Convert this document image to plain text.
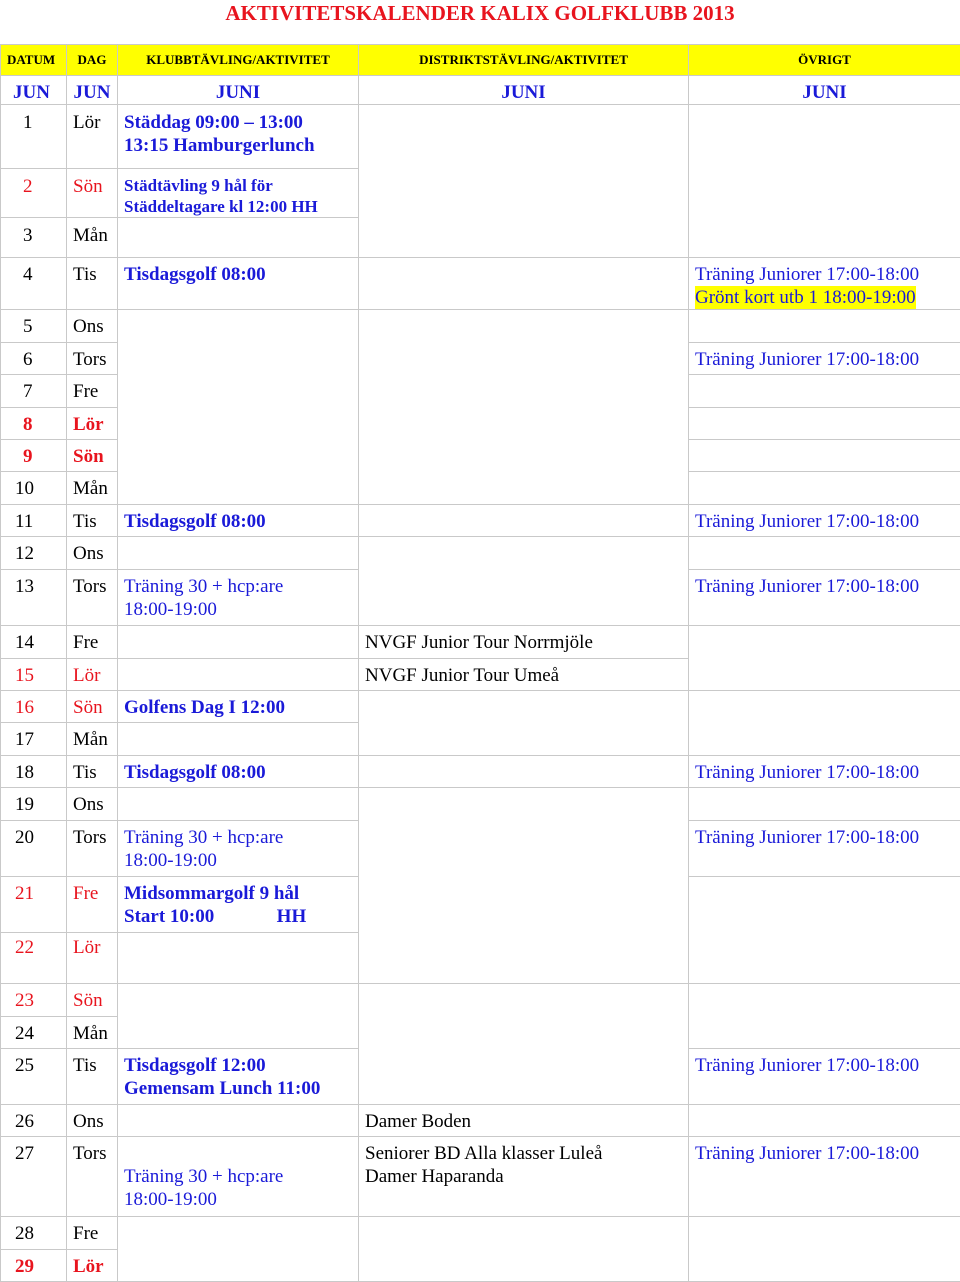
AKTIVITETSKALENDER KALIX GOLFKLUBB 2013
DATUM	DAG	KLUBBTÄVLING/AKTIVITET	DISTRIKTSTÄVLING/AKTIVITET	ÖVRIGT
JUN	JUN	JUNI	JUNI	JUNI
1	Lör	Städdag 09:00 – 13:00
13:15 Hamburgerlunch		

2	Sön	Städtävling 9 hål för
Städdeltagare kl 12:00 HH		

3	Mån			
4	Tis	Tisdagsgolf 08:00		Träning Juniorer 17:00-18:00
Grönt kort utb 1 18:00-19:00
5	Ons			
6	Tors			Träning Juniorer 17:00-18:00
7	Fre			
8	Lör			
9	Sön			
10	Mån			
11	Tis	Tisdagsgolf 08:00		Träning Juniorer 17:00-18:00
12	Ons			
13	Tors	Träning 30 + hcp:are
18:00-19:00		Träning Juniorer 17:00-18:00
14	Fre		NVGF Junior Tour Norrmjöle	
15	Lör		NVGF Junior Tour Umeå	
16	Sön	Golfens Dag I 12:00		
17	Mån			
18	Tis	Tisdagsgolf 08:00		Träning Juniorer 17:00-18:00
19	Ons			
20	Tors	Träning 30 + hcp:are
18:00-19:00		Träning Juniorer 17:00-18:00
21	Fre	Midsommargolf 9 hål
Start 10:00 HH		

22	Lör			
23	Sön			
24	Mån			
25	Tis	Tisdagsgolf 12:00
Gemensam Lunch 11:00		Träning Juniorer 17:00-18:00
26	Ons		Damer Boden	
27	Tors	Träning 30 + hcp:are
18:00-19:00	Seniorer BD Alla klasser Luleå
Damer Haparanda	Träning Juniorer 17:00-18:00
28	Fre			
29	Lör			
